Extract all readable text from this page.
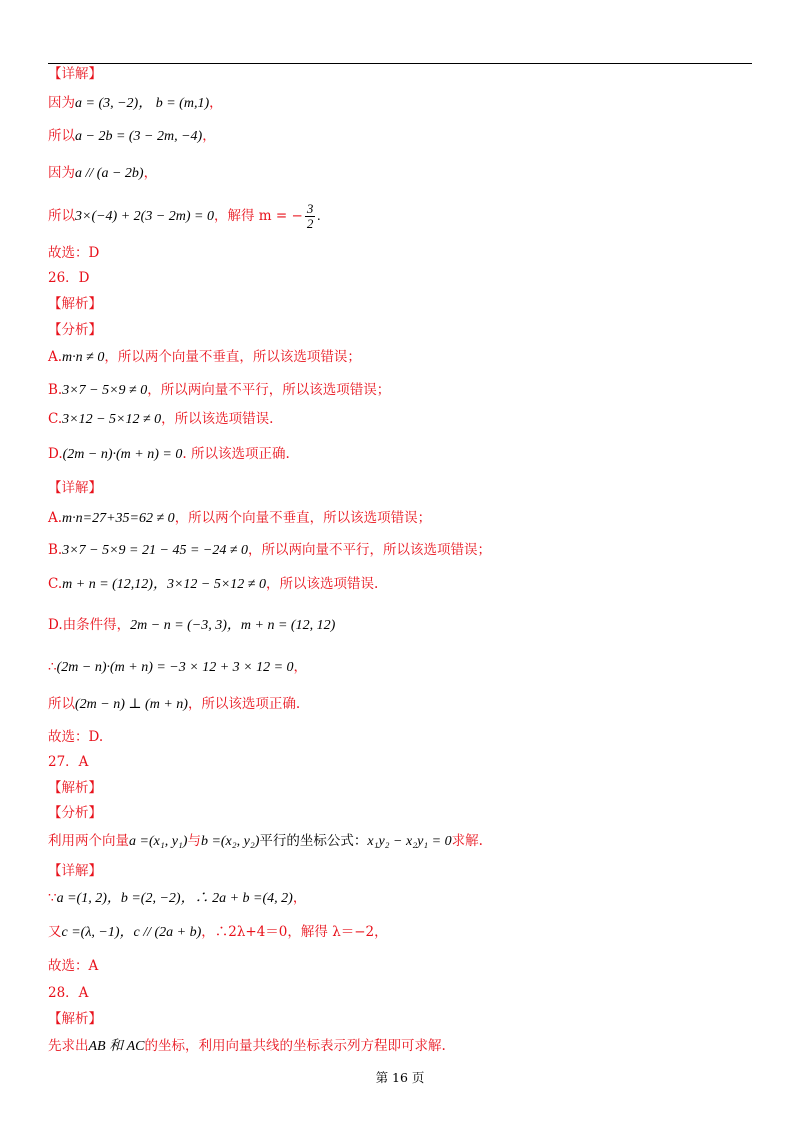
【详解】
因为a = (3, −2)， b = (m,1)，
所以a − 2b = (3 − 2m, −4)，
因为a // (a − 2b)，
所以3×(−4) + 2(3 − 2m) = 0，解得 m = − $\frac{3}{2}$ .
故选：D
26．D
【解析】
【分析】
A.m·n ≠ 0，所以两个向量不垂直，所以该选项错误；
B.3×7 − 5×9 ≠ 0，所以两向量不平行，所以该选项错误；
C.3×12 − 5×12 ≠ 0，所以该选项错误.
D.(2m − n)·(m + n) = 0. 所以该选项正确.
【详解】
A.m·n=27+35=62 ≠ 0，所以两个向量不垂直，所以该选项错误；
B.3×7 − 5×9 = 21 − 45 = −24 ≠ 0，所以两向量不平行，所以该选项错误；
C.m + n = (12,12)，3×12 − 5×12 ≠ 0，所以该选项错误.
D.由条件得，2m − n = (−3, 3)，m + n = (12, 12)
∴(2m − n)·(m + n) = −3 × 12 + 3 × 12 = 0，
所以(2m − n) ⊥ (m + n)，所以该选项正确.
故选：D.
27．A
【解析】
【分析】
利用两个向量a =(x₁, y₁)与b =(x₂, y₂)平行的坐标公式：x₁y₂ − x₂y₁ = 0求解.
【详解】
∵a =(1, 2)，b =(2, −2)，∴ 2a + b =(4, 2)，
又c =(λ, −1)，c // (2a + b)，∴2λ+4＝0，解得 λ＝−2，
故选：A
28．A
【解析】
先求出AB 和 AC的坐标，利用向量共线的坐标表示列方程即可求解.
第 16 页
